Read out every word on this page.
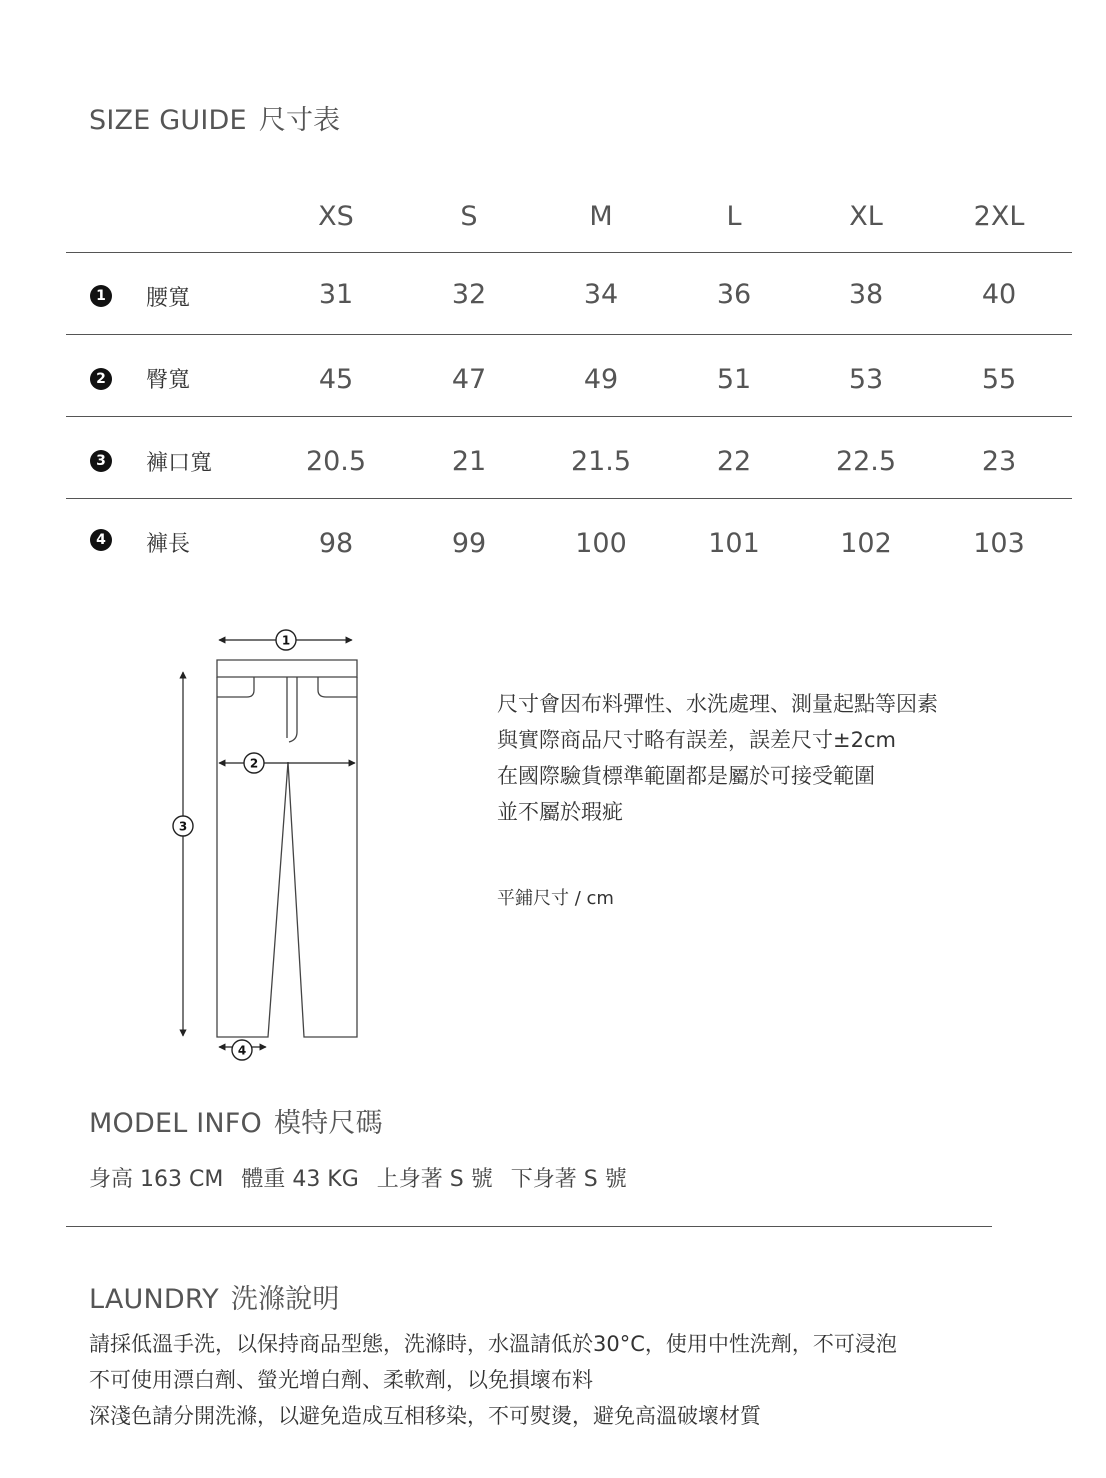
SIZE GUIDE 尺寸表
XS	S	M	L	XL	2XL
1 腰寬	31	32	34	36	38	40
2 臀寬	45	47	49	51	53	55
3 褲口寬	20.5	21	21.5	22	22.5	23
4 褲長	98	99	100	101	102	103
1
2
3
4
尺寸會因布料彈性、水洗處理、測量起點等因素
與實際商品尺寸略有誤差，誤差尺寸±2cm
在國際驗貨標準範圍都是屬於可接受範圍
並不屬於瑕疵
平鋪尺寸 / cm
MODEL INFO 模特尺碼
身高 163 CM 體重 43 KG 上身著 S 號 下身著 S 號
LAUNDRY 洗滌說明
請採低溫手洗，以保持商品型態，洗滌時，水溫請低於30°C，使用中性洗劑，不可浸泡
不可使用漂白劑、螢光增白劑、柔軟劑，以免損壞布料
深淺色請分開洗滌，以避免造成互相移染，不可熨燙，避免高溫破壞材質
